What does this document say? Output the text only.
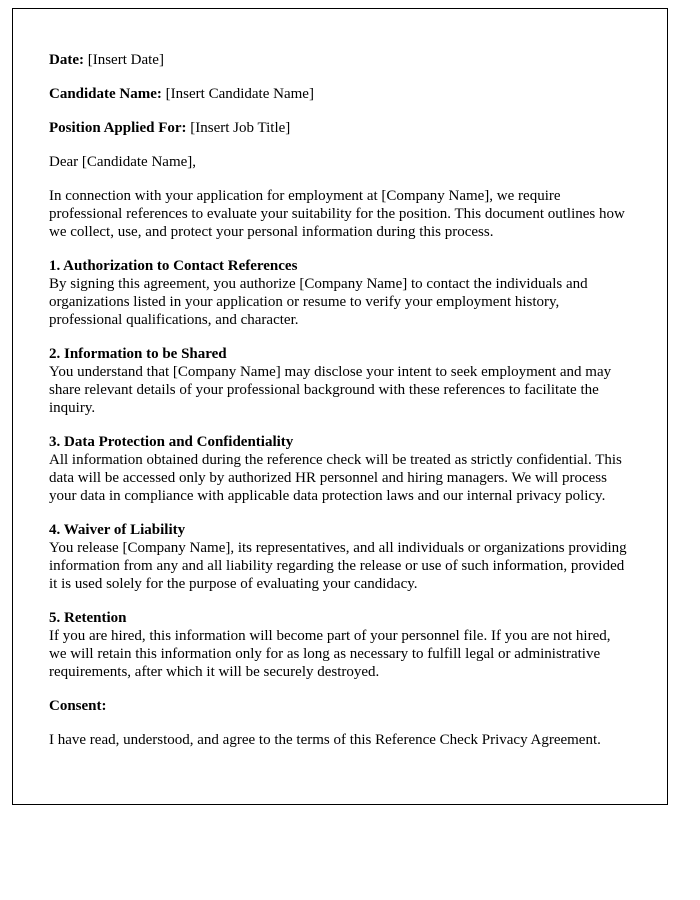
Date: [Insert Date]

Candidate Name: [Insert Candidate Name]

Position Applied For: [Insert Job Title]

Dear [Candidate Name],

In connection with your application for employment at [Company Name], we require professional references to evaluate your suitability for the position. This document outlines how we collect, use, and protect your personal information during this process.

1. Authorization to Contact References

By signing this agreement, you authorize [Company Name] to contact the individuals and organizations listed in your application or resume to verify your employment history, professional qualifications, and character.

2. Information to be Shared

You understand that [Company Name] may disclose your intent to seek employment and may share relevant details of your professional background with these references to facilitate the inquiry.

3. Data Protection and Confidentiality

All information obtained during the reference check will be treated as strictly confidential. This data will be accessed only by authorized HR personnel and hiring managers. We will process your data in compliance with applicable data protection laws and our internal privacy policy.

4. Waiver of Liability

You release [Company Name], its representatives, and all individuals or organizations providing information from any and all liability regarding the release or use of such information, provided it is used solely for the purpose of evaluating your candidacy.

5. Retention

If you are hired, this information will become part of your personnel file. If you are not hired, we will retain this information only for as long as necessary to fulfill legal or administrative requirements, after which it will be securely destroyed.

Consent:

I have read, understood, and agree to the terms of this Reference Check Privacy Agreement.
